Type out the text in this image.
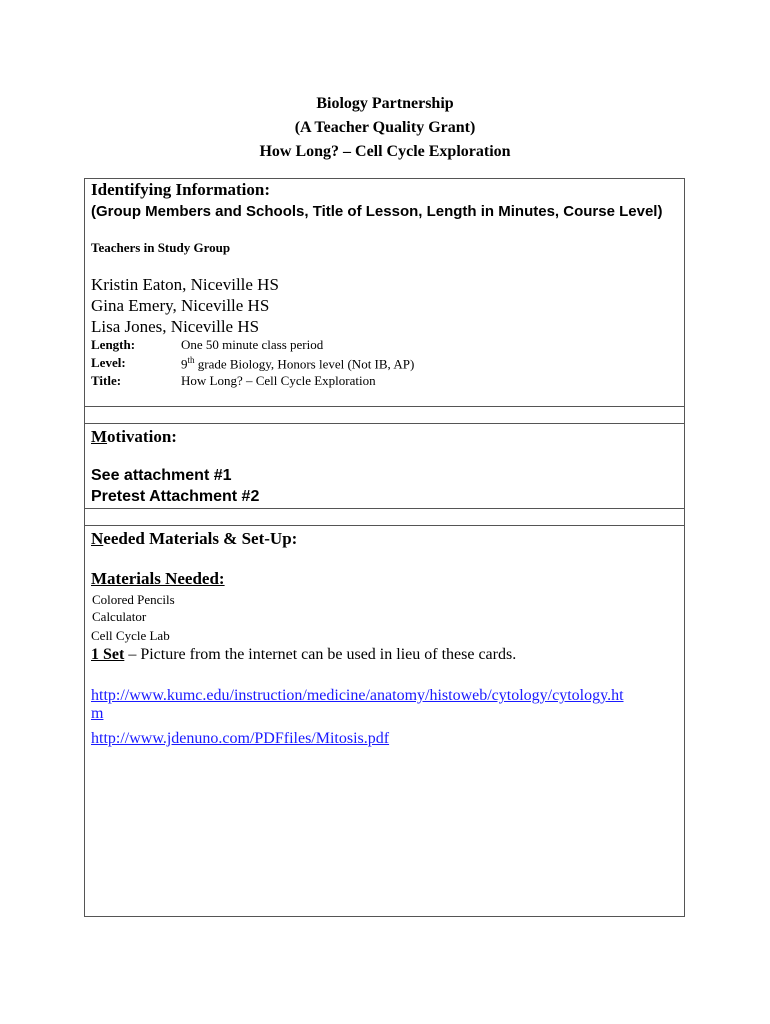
Biology Partnership
(A Teacher Quality Grant)
How Long? – Cell Cycle Exploration
Identifying Information:
(Group Members and Schools, Title of Lesson, Length in Minutes, Course Level)
Teachers in Study Group
Kristin Eaton, Niceville HS
Gina Emery, Niceville HS
Lisa Jones, Niceville HS
Length:	One 50 minute class period
Level:	9th grade Biology, Honors level (Not IB, AP)
Title:	How Long? – Cell Cycle Exploration
Motivation:
See attachment #1
Pretest Attachment #2
Needed Materials & Set-Up:
Materials Needed:
Colored Pencils
Calculator
Cell Cycle Lab
1 Set – Picture from the internet can be used in lieu of these cards.
http://www.kumc.edu/instruction/medicine/anatomy/histoweb/cytology/cytology.ht
m
http://www.jdenuno.com/PDFfiles/Mitosis.pdf
